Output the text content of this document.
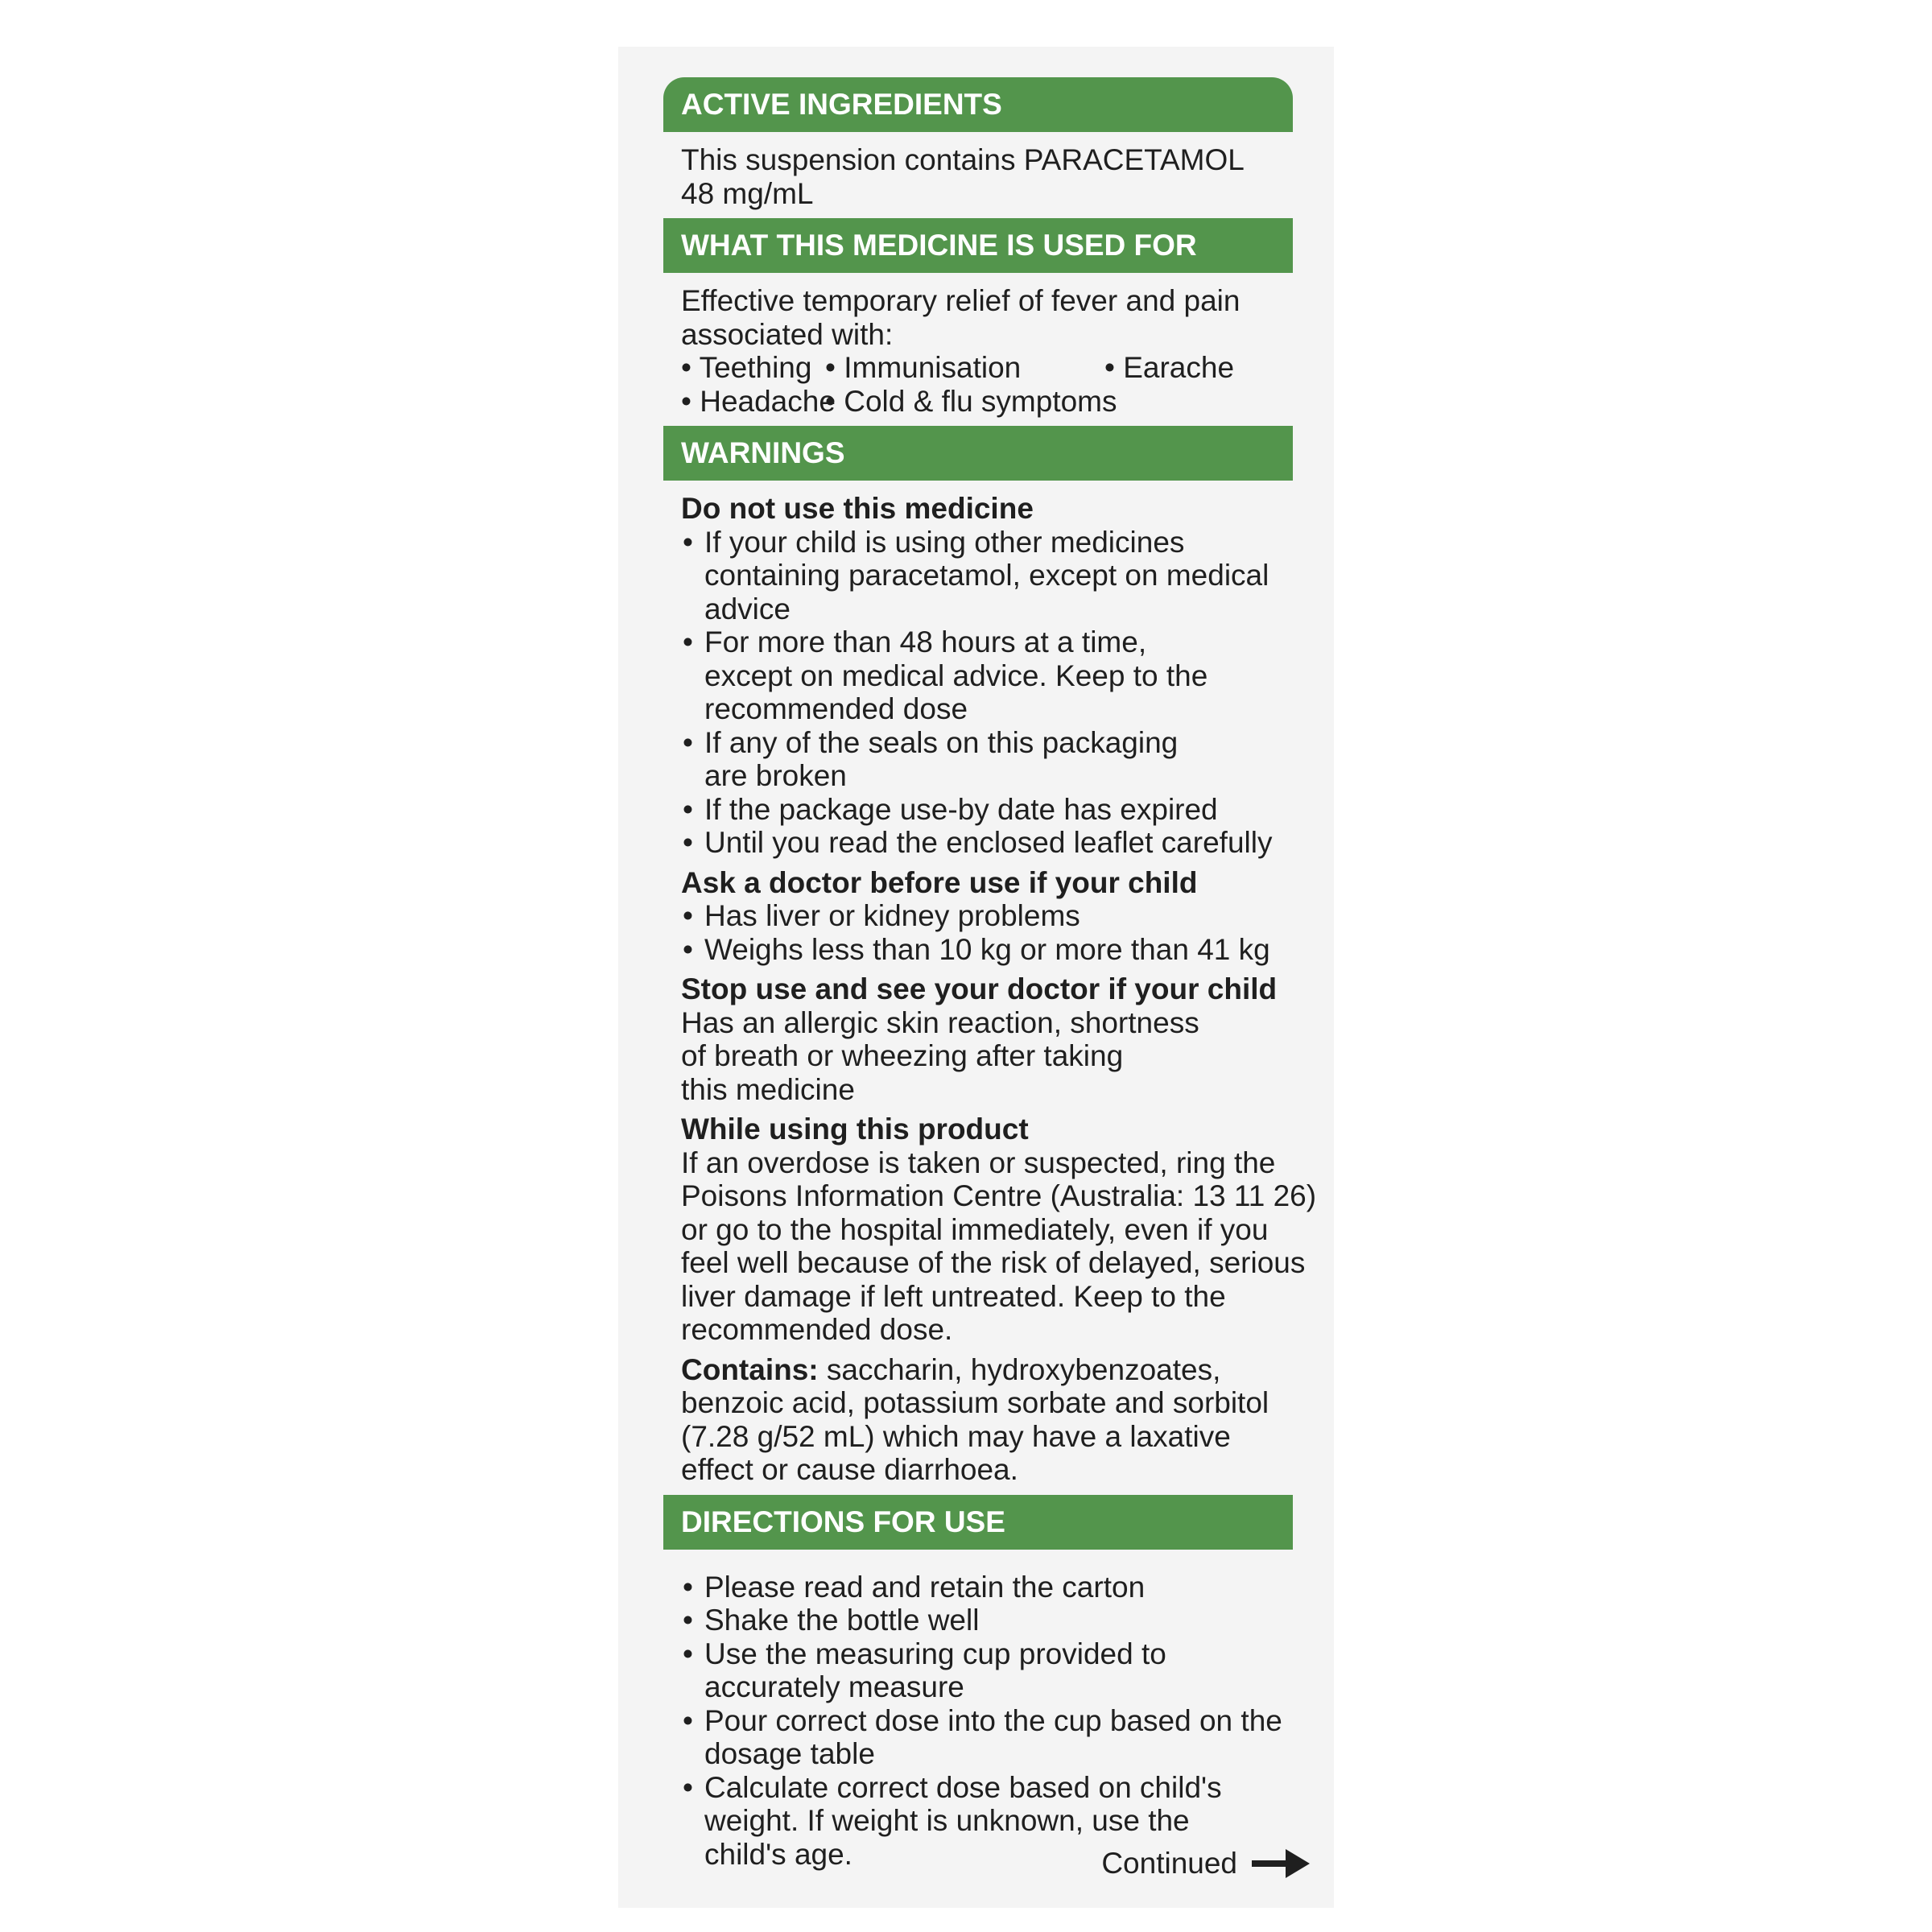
ACTIVE INGREDIENTS
This suspension contains PARACETAMOL
48 mg/mL
WHAT THIS MEDICINE IS USED FOR
Effective temporary relief of fever and pain
associated with:
• Teething • Immunisation	• Earache
• Headache
• Cold & flu symptoms
WARNINGS
Do not use this medicine
• If your child is using other medicines
containing paracetamol, except on medical
advice
• For more than 48 hours at a time,
except on medical advice. Keep to the
recommended dose
• If any of the seals on this packaging
are broken
• If the package use-by date has expired
• Until you read the enclosed leaflet carefully
Ask a doctor before use if your child
• Has liver or kidney problems
• Weighs less than 10 kg or more than 41 kg
Stop use and see your doctor if your child
Has an allergic skin reaction, shortness
of breath or wheezing after taking
this medicine
While using this product
If an overdose is taken or suspected, ring the
Poisons Information Centre (Australia: 13 11 26)
or go to the hospital immediately, even if you
feel well because of the risk of delayed, serious
liver damage if left untreated. Keep to the
recommended dose.
Contains: saccharin, hydroxybenzoates,
benzoic acid, potassium sorbate and sorbitol
(7.28 g/52 mL) which may have a laxative
effect or cause diarrhoea.
DIRECTIONS FOR USE
• Please read and retain the carton
• Shake the bottle well
• Use the measuring cup provided to
accurately measure
• Pour correct dose into the cup based on the
dosage table
• Calculate correct dose based on child's
weight. If weight is unknown, use the
child's age.	Continued
